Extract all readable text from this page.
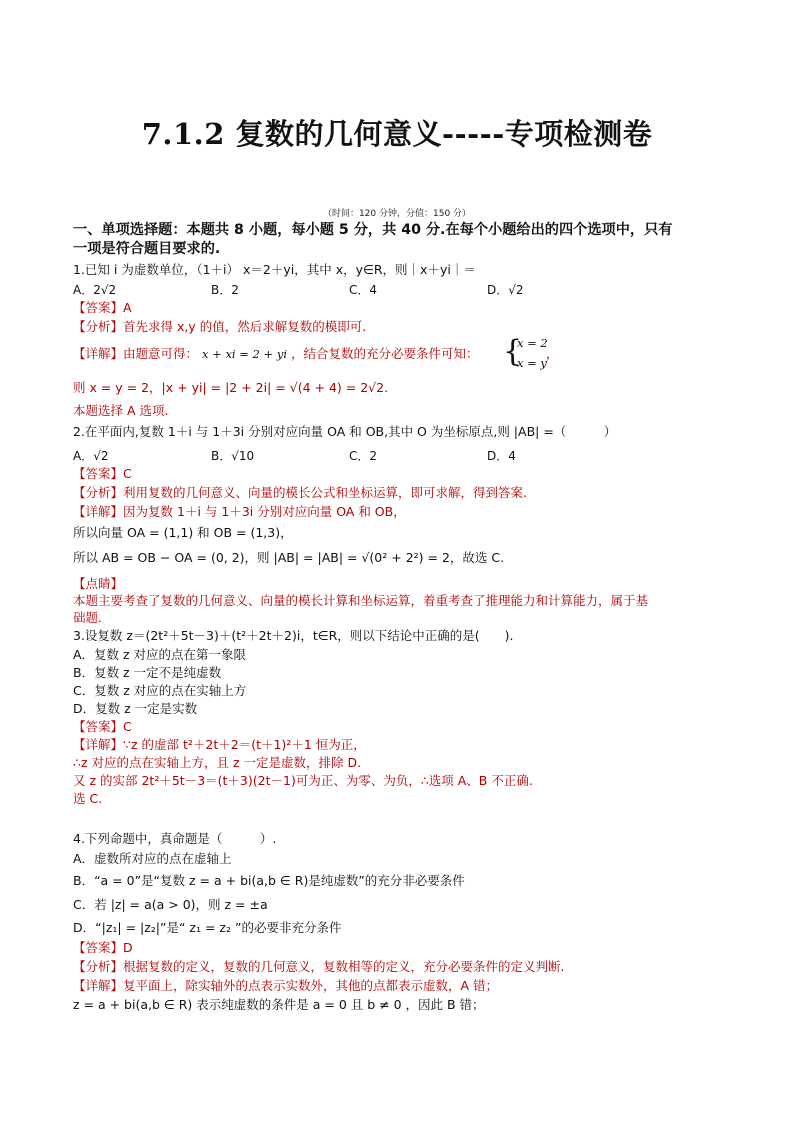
7.1.2 复数的几何意义-----专项检测卷
（时间：120 分钟，分值：150 分）
一、单项选择题：本题共 8 小题，每小题 5 分，共 40 分.在每个小题给出的四个选项中，只有
一项是符合题目要求的.
1.已知 i 为虚数单位，（1＋i） x＝2＋yi，其中 x，y∈R，则｜x＋yi｜＝
A．2√2	B．2	C．4	D．√2
【答案】A
【分析】首先求得 x,y 的值，然后求解复数的模即可.
【详解】由题意可得： x + xi = 2 + yi ，结合复数的充分必要条件可知： {
x = 2
x = y
，
则 x = y = 2，|x + yi| = |2 + 2i| = √(4 + 4) = 2√2.
本题选择 A 选项.
2.在平面内,复数 1＋i 与 1＋3i 分别对应向量 OA 和 OB,其中 O 为坐标原点,则 |AB| =（　　　）
A．√2	B．√10	C．2	D．4
【答案】C
【分析】利用复数的几何意义、向量的模长公式和坐标运算，即可求解，得到答案.
【详解】因为复数 1＋i 与 1＋3i 分别对应向量 OA 和 OB，
所以向量 OA = (1,1) 和 OB = (1,3)，
所以 AB = OB − OA = (0, 2)，则 |AB| = |AB| = √(0² + 2²) = 2，故选 C.
【点睛】
本题主要考查了复数的几何意义、向量的模长计算和坐标运算，着重考查了推理能力和计算能力，属于基
础题.
3.设复数 z＝(2t²＋5t－3)＋(t²＋2t＋2)i，t∈R，则以下结论中正确的是(　　).
A．复数 z 对应的点在第一象限
B．复数 z 一定不是纯虚数
C．复数 z 对应的点在实轴上方
D．复数 z 一定是实数
【答案】C
【详解】∵z 的虚部 t²＋2t＋2＝(t＋1)²＋1 恒为正，
∴z 对应的点在实轴上方，且 z 一定是虚数，排除 D.
又 z 的实部 2t²＋5t－3＝(t＋3)(2t－1)可为正、为零、为负，∴选项 A、B 不正确.
选 C.
4.下列命题中，真命题是（　　　）.
A．虚数所对应的点在虚轴上
B．“a = 0”是“复数 z = a + bi(a,b ∈ R)是纯虚数”的充分非必要条件
C．若 |z| = a(a > 0)，则 z = ±a
D．“|z₁| = |z₂|”是“ z₁ = z₂ ”的必要非充分条件
【答案】D
【分析】根据复数的定义，复数的几何意义，复数相等的定义，充分必要条件的定义判断.
【详解】复平面上，除实轴外的点表示实数外，其他的点都表示虚数，A 错；
z = a + bi(a,b ∈ R) 表示纯虚数的条件是 a = 0 且 b ≠ 0 ，因此 B 错；
